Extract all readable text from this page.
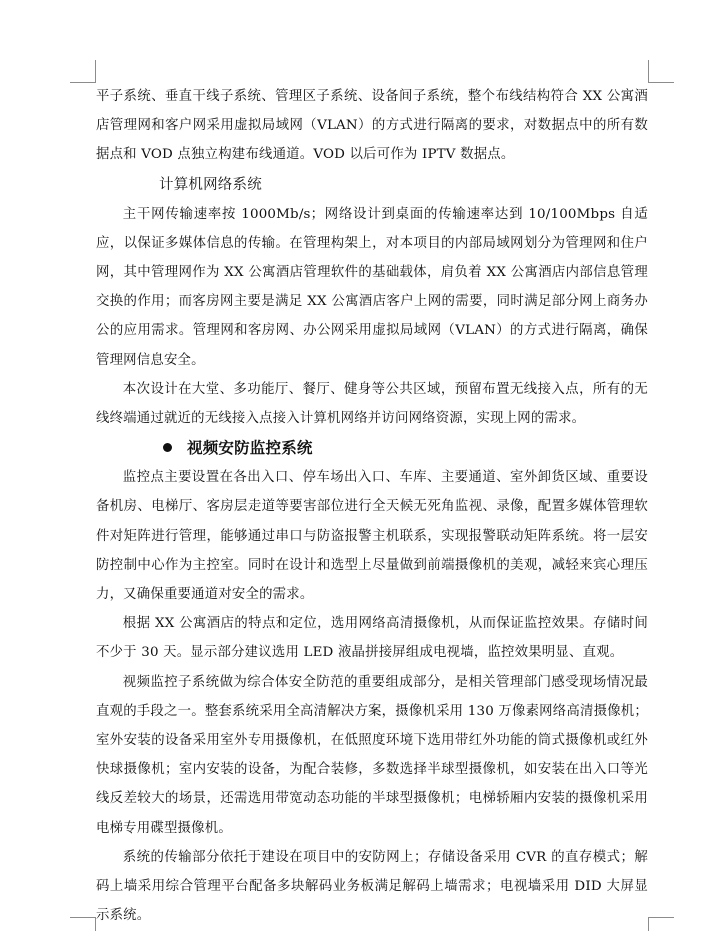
平子系统、垂直干线子系统、管理区子系统、设备间子系统，整个布线结构符合 XX 公寓酒店管理网和客户网采用虚拟局域网（VLAN）的方式进行隔离的要求，对数据点中的所有数据点和 VOD 点独立构建布线通道。VOD 以后可作为 IPTV 数据点。

计算机网络系统

主干网传输速率按 1000Mb/s；网络设计到桌面的传输速率达到 10/100Mbps 自适应，以保证多媒体信息的传输。在管理构架上，对本项目的内部局域网划分为管理网和住户网，其中管理网作为 XX 公寓酒店管理软件的基础载体，肩负着 XX 公寓酒店内部信息管理交换的作用；而客房网主要是满足 XX 公寓酒店客户上网的需要，同时满足部分网上商务办公的应用需求。管理网和客房网、办公网采用虚拟局域网（VLAN）的方式进行隔离，确保管理网信息安全。

本次设计在大堂、多功能厅、餐厅、健身等公共区域，预留布置无线接入点，所有的无线终端通过就近的无线接入点接入计算机网络并访问网络资源，实现上网的需求。

视频安防监控系统

监控点主要设置在各出入口、停车场出入口、车库、主要通道、室外卸货区域、重要设备机房、电梯厅、客房层走道等要害部位进行全天候无死角监视、录像，配置多媒体管理软件对矩阵进行管理，能够通过串口与防盗报警主机联系，实现报警联动矩阵系统。将一层安防控制中心作为主控室。同时在设计和选型上尽量做到前端摄像机的美观，减轻来宾心理压力，又确保重要通道对安全的需求。

根据 XX 公寓酒店的特点和定位，选用网络高清摄像机，从而保证监控效果。存储时间不少于 30 天。显示部分建议选用 LED 液晶拼接屏组成电视墙，监控效果明显、直观。

视频监控子系统做为综合体安全防范的重要组成部分，是相关管理部门感受现场情况最直观的手段之一。整套系统采用全高清解决方案，摄像机采用 130 万像素网络高清摄像机；室外安装的设备采用室外专用摄像机，在低照度环境下选用带红外功能的筒式摄像机或红外快球摄像机；室内安装的设备，为配合装修，多数选择半球型摄像机，如安装在出入口等光线反差较大的场景，还需选用带宽动态功能的半球型摄像机；电梯轿厢内安装的摄像机采用电梯专用碟型摄像机。

系统的传输部分依托于建设在项目中的安防网上；存储设备采用 CVR 的直存模式；解码上墙采用综合管理平台配备多块解码业务板满足解码上墙需求；电视墙采用 DID 大屏显示系统。
